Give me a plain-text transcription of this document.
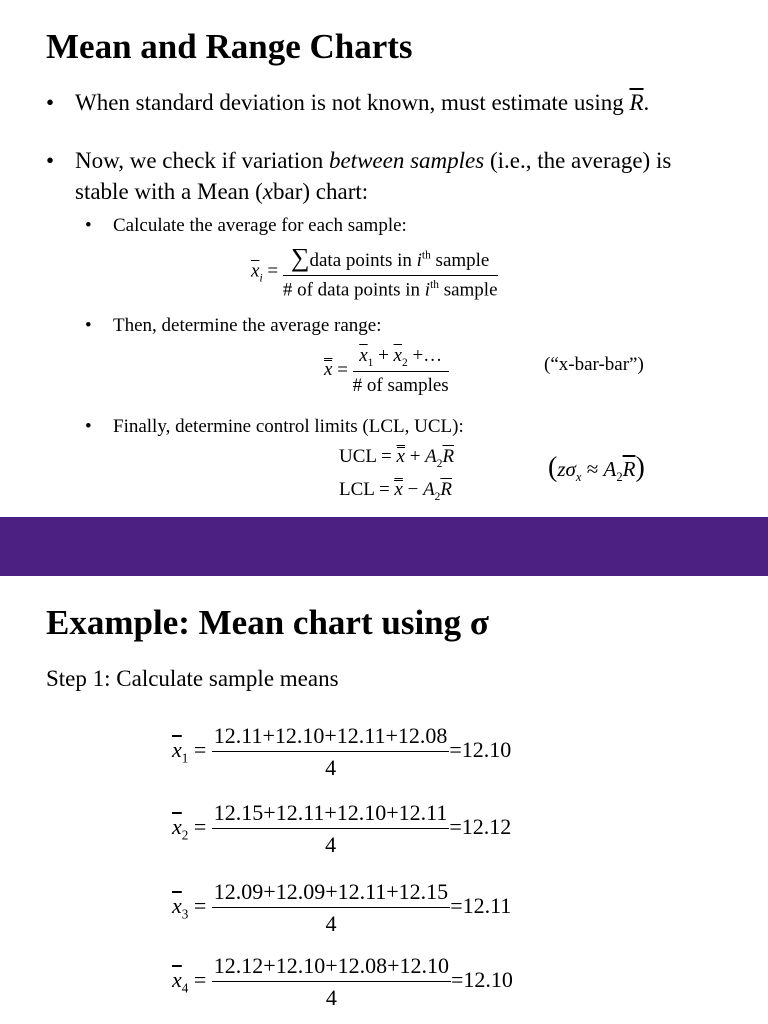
Mean and Range Charts
• When standard deviation is not known, must estimate using $\overline{R}$.
• Now, we check if variation between samples (i.e., the average) is
stable with a Mean (xbar) chart:
• Calculate the average for each sample:
$\overline{x}_i = \frac{\sum data points in i^{th} sample}{\# of data points in i^{th} sample}$
• Then, determine the average range:
$x = \frac{\overline{x}_1 + \overline{x}_2 +\dots}{\text{\# of samples}}$	(“x-bar-bar”)
• Finally, determine control limits (LCL, UCL):
UCL =
$x + A_2\overline{R}$
LCL =
$x - A_2\overline{R}$
$(z\sigma_x \approx A_2\overline{R})$
Example: Mean chart using σ
Step 1: Calculate sample means
$\overline{x}_1 = \frac{12.11+12.10+12.11+12.08}{4} =12.10$
$\overline{x}_2 = \frac{12.15+12.11+12.10+12.11}{4} =12.12$
$\overline{x}_3 = \frac{12.09+12.09+12.11+12.15}{4} =12.11$
$\overline{x}_4 = \frac{12.12+12.10+12.08+12.10}{4} =12.10$
